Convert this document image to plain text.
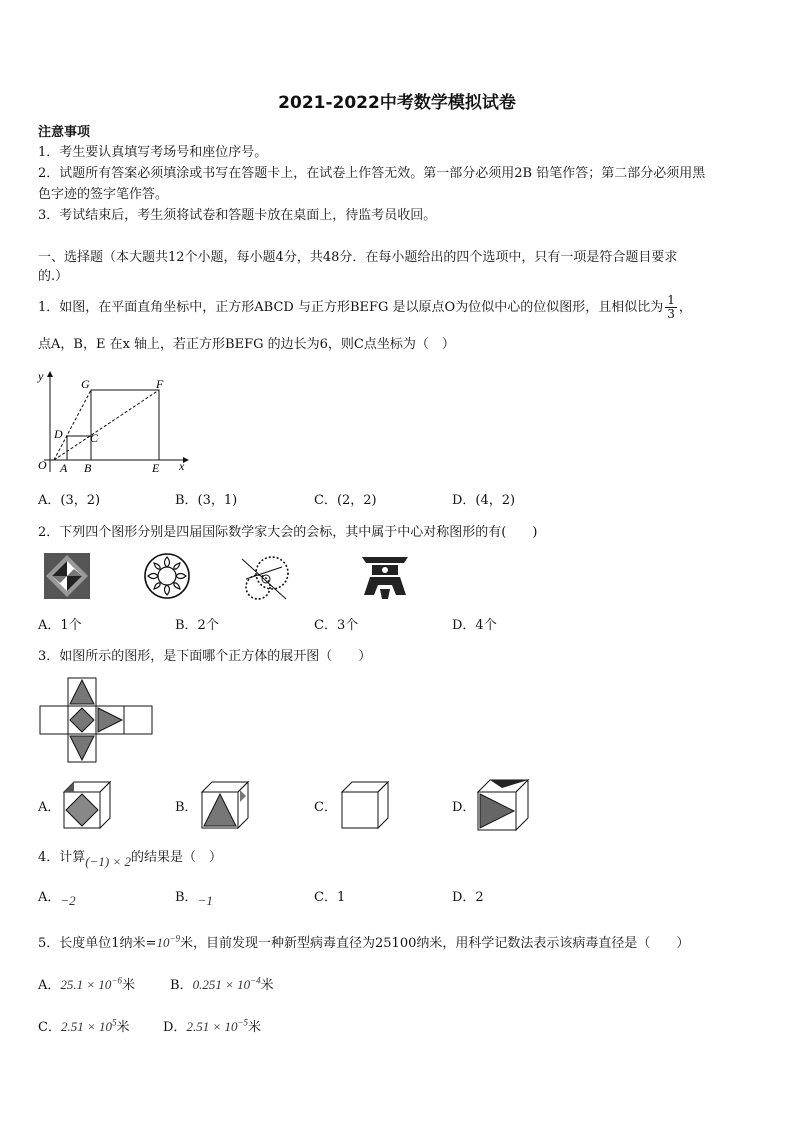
2021-2022中考数学模拟试卷
注意事项
1．考生要认真填写考场号和座位序号。
2．试题所有答案必须填涂或书写在答题卡上，在试卷上作答无效。第一部分必须用2B 铅笔作答；第二部分必须用黑
色字迹的签字笔作答。
3．考试结束后，考生须将试卷和答题卡放在桌面上，待监考员收回。
一、选择题（本大题共12个小题，每小题4分，共48分．在每小题给出的四个选项中，只有一项是符合题目要求
的.）
1．如图，在平面直角坐标中，正方形ABCD 与正方形BEFG 是以原点O为位似中心的位似图形，且相似比为 $\frac{1}{3}$ ，
点A，B，E 在x 轴上，若正方形BEFG 的边长为6，则C点坐标为（　）
y
x
O A B	E
D C
G	F
A．(3，2)	B．(3，1)	C．(2，2)	D．(4，2)
2．下列四个图形分别是四届国际数学家大会的会标，其中属于中心对称图形的有(　　)
A．1个	B．2个	C．3个	D．4个
3．如图所示的图形，是下面哪个正方体的展开图（　　）
A．	B．	C．	D．
4．计算(−1) × 2的结果是（　）
A．−2	B．−1	C．1	D．2
5．长度单位1纳米$=10^{-9}$米，目前发现一种新型病毒直径为25100纳米，用科学记数法表示该病毒直径是（　　）
A．$25.1 \times 10^{-6}$米	B．$0.251 \times 10^{-4}$米
C．$2.51 \times 10^5$米	D．$2.51 \times 10^{-5}$米
